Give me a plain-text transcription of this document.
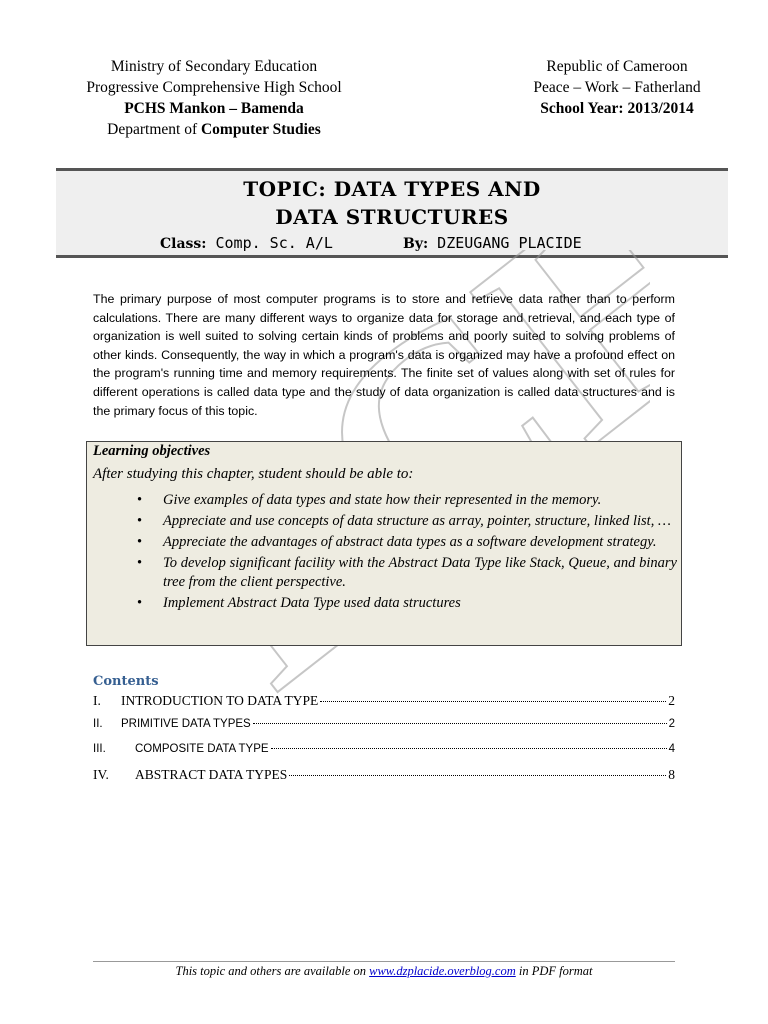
Ministry of Secondary Education
Progressive Comprehensive High School
PCHS Mankon – Bamenda
Department of Computer Studies
Republic of Cameroon
Peace – Work – Fatherland
School Year: 2013/2014
TOPIC: DATA TYPES AND
DATA STRUCTURES
Class: Comp. Sc. A/L	By: DZEUGANG PLACIDE
The primary purpose of most computer programs is to store and retrieve data rather than to perform calculations. There are many different ways to organize data for storage and retrieval, and each type of organization is well suited to solving certain kinds of problems and poorly suited to solving problems of other kinds. Consequently, the way in which a program's data is organized may have a profound effect on the program's running time and memory requirements. The finite set of values along with set of rules for different operations is called data type and the study of data organization is called data structures and is the primary focus of this topic.
Learning objectives
After studying this chapter, student should be able to:
• Give examples of data types and state how their represented in the memory.
• Appreciate and use concepts of data structure as array, pointer, structure, linked list, …
• Appreciate the advantages of abstract data types as a software development strategy.
• To develop significant facility with the Abstract Data Type like Stack, Queue, and binary tree from the client perspective.
• Implement Abstract Data Type used data structures
Contents
I.	INTRODUCTION TO DATA TYPE	2
II.	PRIMITIVE DATA TYPES	2
III.	COMPOSITE DATA TYPE	4
IV.	ABSTRACT DATA TYPES	8
This topic and others are available on www.dzplacide.overblog.com in PDF format
